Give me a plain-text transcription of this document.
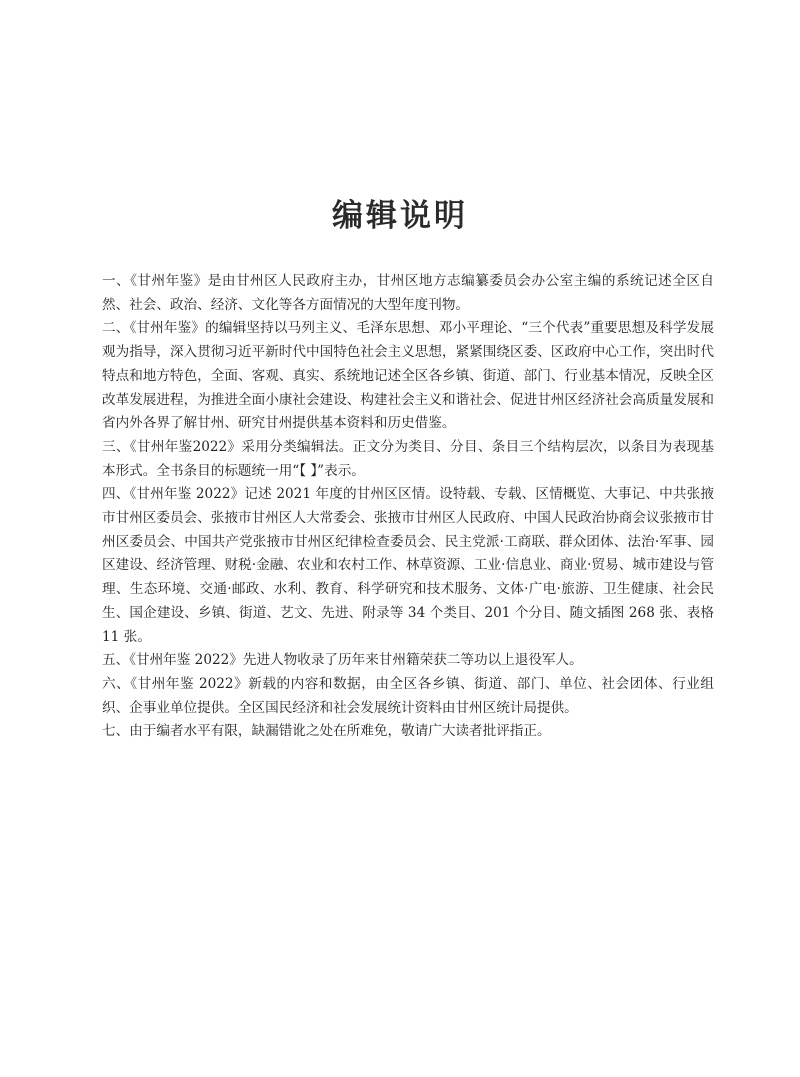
编辑说明

一、《甘州年鉴》是由甘州区人民政府主办，甘州区地方志编纂委员会办公室主编的系统记述全区自然、社会、政治、经济、文化等各方面情况的大型年度刊物。

二、《甘州年鉴》的编辑坚持以马列主义、毛泽东思想、邓小平理论、“三个代表”重要思想及科学发展观为指导，深入贯彻习近平新时代中国特色社会主义思想，紧紧围绕区委、区政府中心工作，突出时代特点和地方特色，全面、客观、真实、系统地记述全区各乡镇、街道、部门、行业基本情况，反映全区改革发展进程，为推进全面小康社会建设、构建社会主义和谐社会、促进甘州区经济社会高质量发展和省内外各界了解甘州、研究甘州提供基本资料和历史借鉴。

三、《甘州年鉴2022》采用分类编辑法。正文分为类目、分目、条目三个结构层次，以条目为表现基本形式。全书条目的标题统一用“【 】”表示。

四、《甘州年鉴 2022》记述 2021 年度的甘州区区情。设特载、专载、区情概览、大事记、中共张掖市甘州区委员会、张掖市甘州区人大常委会、张掖市甘州区人民政府、中国人民政治协商会议张掖市甘州区委员会、中国共产党张掖市甘州区纪律检查委员会、民主党派·工商联、群众团体、法治·军事、园区建设、经济管理、财税·金融、农业和农村工作、林草资源、工业·信息业、商业·贸易、城市建设与管理、生态环境、交通·邮政、水利、教育、科学研究和技术服务、文体·广电·旅游、卫生健康、社会民生、国企建设、乡镇、街道、艺文、先进、附录等 34 个类目、201 个分目、随文插图 268 张、表格 11 张。

五、《甘州年鉴 2022》先进人物收录了历年来甘州籍荣获二等功以上退役军人。

六、《甘州年鉴 2022》新载的内容和数据，由全区各乡镇、街道、部门、单位、社会团体、行业组织、企事业单位提供。全区国民经济和社会发展统计资料由甘州区统计局提供。

七、由于编者水平有限，缺漏错讹之处在所难免，敬请广大读者批评指正。
